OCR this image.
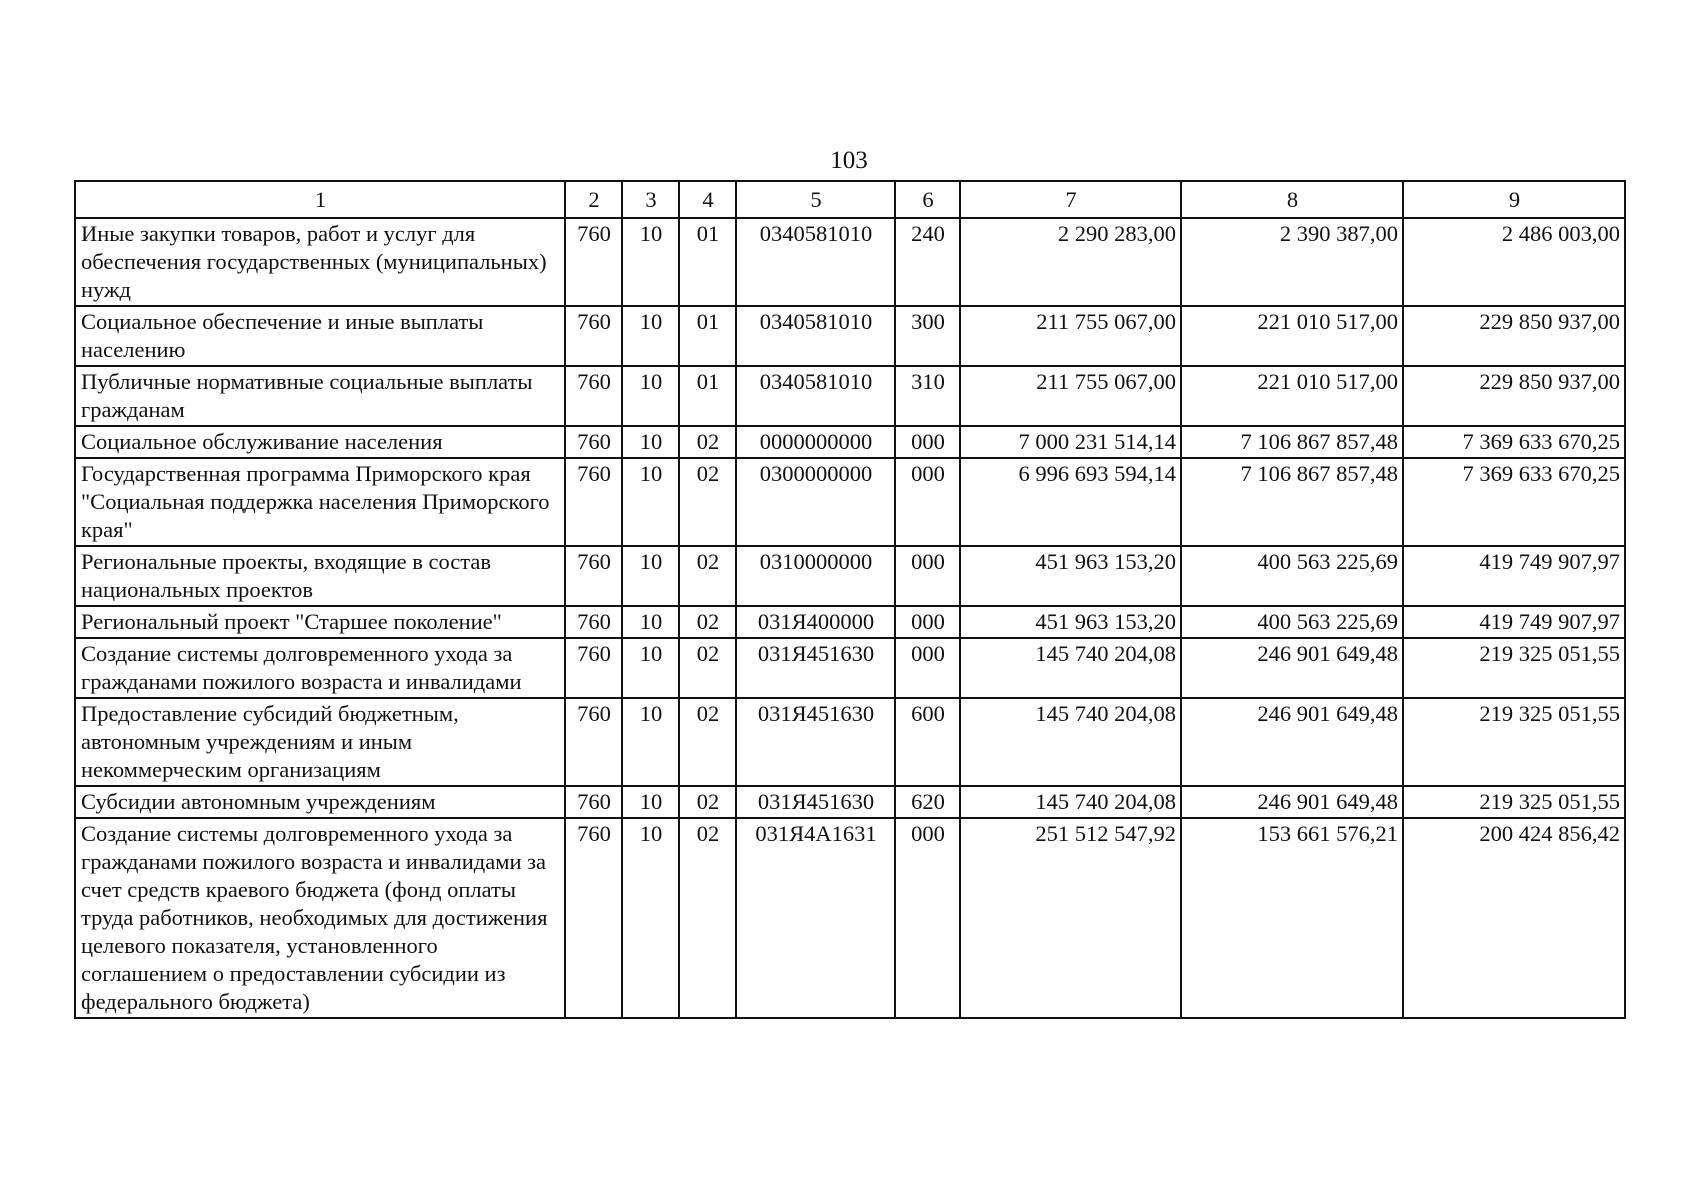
103
1	2	3	4	5	6	7	8	9
Иные закупки товаров, работ и услуг для обеспечения государственных (муниципальных) нужд	760	10	01	0340581010	240	2 290 283,00	2 390 387,00	2 486 003,00
Социальное обеспечение и иные выплаты населению	760	10	01	0340581010	300	211 755 067,00	221 010 517,00	229 850 937,00
Публичные нормативные социальные выплаты гражданам	760	10	01	0340581010	310	211 755 067,00	221 010 517,00	229 850 937,00
Социальное обслуживание населения	760	10	02	0000000000	000	7 000 231 514,14	7 106 867 857,48	7 369 633 670,25
Государственная программа Приморского края "Социальная поддержка населения Приморского края"	760	10	02	0300000000	000	6 996 693 594,14	7 106 867 857,48	7 369 633 670,25
Региональные проекты, входящие в состав национальных проектов	760	10	02	0310000000	000	451 963 153,20	400 563 225,69	419 749 907,97
Региональный проект "Старшее поколение"	760	10	02	031Я400000	000	451 963 153,20	400 563 225,69	419 749 907,97
Создание системы долговременного ухода за гражданами пожилого возраста и инвалидами	760	10	02	031Я451630	000	145 740 204,08	246 901 649,48	219 325 051,55
Предоставление субсидий бюджетным, автономным учреждениям и иным некоммерческим организациям	760	10	02	031Я451630	600	145 740 204,08	246 901 649,48	219 325 051,55
Субсидии автономным учреждениям	760	10	02	031Я451630	620	145 740 204,08	246 901 649,48	219 325 051,55
Создание системы долговременного ухода за гражданами пожилого возраста и инвалидами за счет средств краевого бюджета (фонд оплаты труда работников, необходимых для достижения целевого показателя, установленного соглашением о предоставлении субсидии из федерального бюджета)	760	10	02	031Я4А1631	000	251 512 547,92	153 661 576,21	200 424 856,42
